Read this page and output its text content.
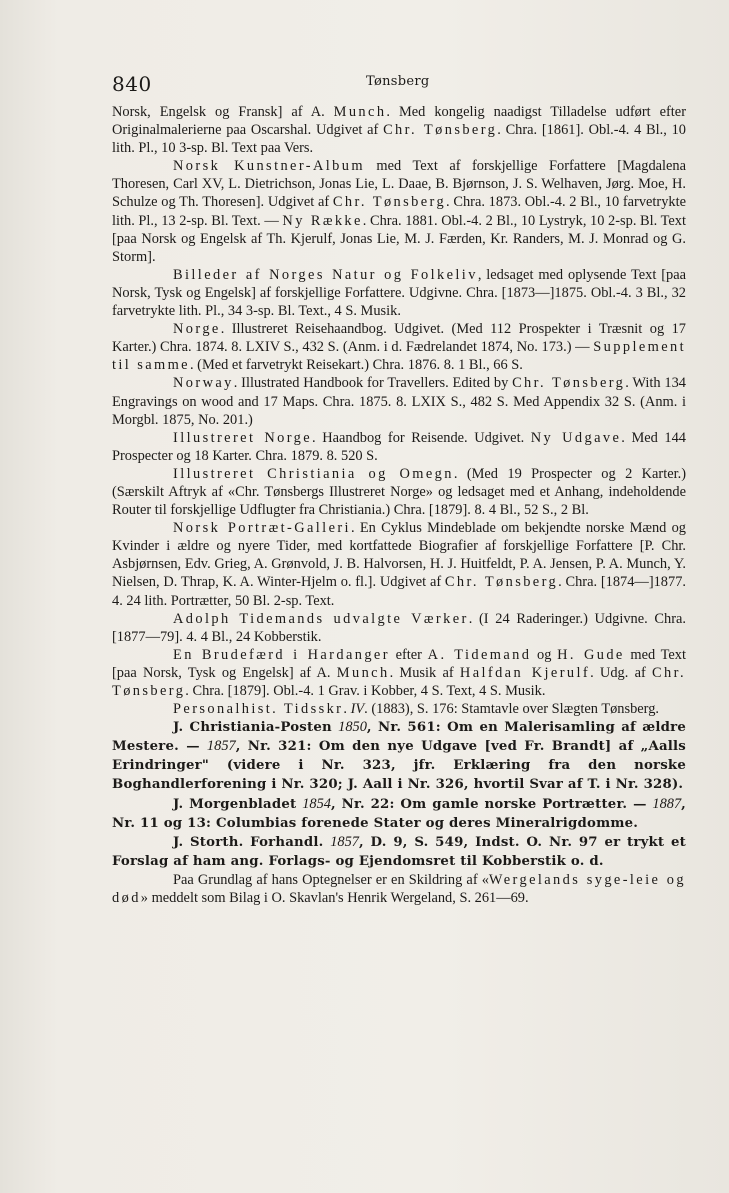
840	Tønsberg

Norsk, Engelsk og Fransk] af A. Munch. Med kongelig naadigst Tilladelse udført efter Originalmalerierne paa Oscarshal. Udgivet af Chr. Tønsberg. Chra. [1861]. Obl.-4. 4 Bl., 10 lith. Pl., 10 3-sp. Bl. Text paa Vers.

Norsk Kunstner-Album med Text af forskjellige Forfattere [Magdalena Thoresen, Carl XV, L. Dietrichson, Jonas Lie, L. Daae, B. Bjørnson, J. S. Welhaven, Jørg. Moe, H. Schulze og Th. Thoresen]. Udgivet af Chr. Tønsberg. Chra. 1873. Obl.-4. 2 Bl., 10 farvetrykte lith. Pl., 13 2-sp. Bl. Text. — Ny Række. Chra. 1881. Obl.-4. 2 Bl., 10 Lystryk, 10 2-sp. Bl. Text [paa Norsk og Engelsk af Th. Kjerulf, Jonas Lie, M. J. Færden, Kr. Randers, M. J. Monrad og G. Storm].

Billeder af Norges Natur og Folkeliv, ledsaget med oplysende Text [paa Norsk, Tysk og Engelsk] af forskjellige Forfattere. Udgivne. Chra. [1873—]1875. Obl.-4. 3 Bl., 32 farvetrykte lith. Pl., 34 3-sp. Bl. Text., 4 S. Musik.

Norge. Illustreret Reisehaandbog. Udgivet. (Med 112 Prospekter i Træsnit og 17 Karter.) Chra. 1874. 8. LXIV S., 432 S. (Anm. i d. Fædrelandet 1874, No. 173.) — Supplement til samme. (Med et farvetrykt Reisekart.) Chra. 1876. 8. 1 Bl., 66 S.

Norway. Illustrated Handbook for Travellers. Edited by Chr. Tønsberg. With 134 Engravings on wood and 17 Maps. Chra. 1875. 8. LXIX S., 482 S. Med Appendix 32 S. (Anm. i Morgbl. 1875, No. 201.)

Illustreret Norge. Haandbog for Reisende. Udgivet. Ny Udgave. Med 144 Prospecter og 18 Karter. Chra. 1879. 8. 520 S.

Illustreret Christiania og Omegn. (Med 19 Prospecter og 2 Karter.) (Særskilt Aftryk af «Chr. Tønsbergs Illustreret Norge» og ledsaget med et Anhang, indeholdende Router til forskjellige Udflugter fra Christiania.) Chra. [1879]. 8. 4 Bl., 52 S., 2 Bl.

Norsk Portræt-Galleri. En Cyklus Mindeblade om bekjendte norske Mænd og Kvinder i ældre og nyere Tider, med kortfattede Biografier af forskjellige Forfattere [P. Chr. Asbjørnsen, Edv. Grieg, A. Grønvold, J. B. Halvorsen, H. J. Huitfeldt, P. A. Jensen, P. A. Munch, Y. Nielsen, D. Thrap, K. A. Winter-Hjelm o. fl.]. Udgivet af Chr. Tønsberg. Chra. [1874—]1877. 4. 24 lith. Portrætter, 50 Bl. 2-sp. Text.

Adolph Tidemands udvalgte Værker. (I 24 Raderinger.) Udgivne. Chra. [1877—79]. 4. 4 Bl., 24 Kobberstik.

En Brudefærd i Hardanger efter A. Tidemand og H. Gude med Text [paa Norsk, Tysk og Engelsk] af A. Munch. Musik af Halfdan Kjerulf. Udg. af Chr. Tønsberg. Chra. [1879]. Obl.-4. 1 Grav. i Kobber, 4 S. Text, 4 S. Musik.

Personalhist. Tidsskr. IV. (1883), S. 176: Stamtavle over Slægten Tønsberg.

J. Christiania-Posten 1850, Nr. 561: Om en Malerisamling af ældre Mestere. — 1857, Nr. 321: Om den nye Udgave [ved Fr. Brandt] af „Aalls Erindringer" (videre i Nr. 323, jfr. Erklæring fra den norske Boghandlerforening i Nr. 320; J. Aall i Nr. 326, hvortil Svar af T. i Nr. 328).

J. Morgenbladet 1854, Nr. 22: Om gamle norske Portrætter. — 1887, Nr. 11 og 13: Columbias forenede Stater og deres Mineralrigdomme.

J. Storth. Forhandl. 1857, D. 9, S. 549, Indst. O. Nr. 97 er trykt et Forslag af ham ang. Forlags- og Ejendomsret til Kobberstik o. d.

Paa Grundlag af hans Optegnelser er en Skildring af «Wergelands syge-leie og død» meddelt som Bilag i O. Skavlan's Henrik Wergeland, S. 261—69.
